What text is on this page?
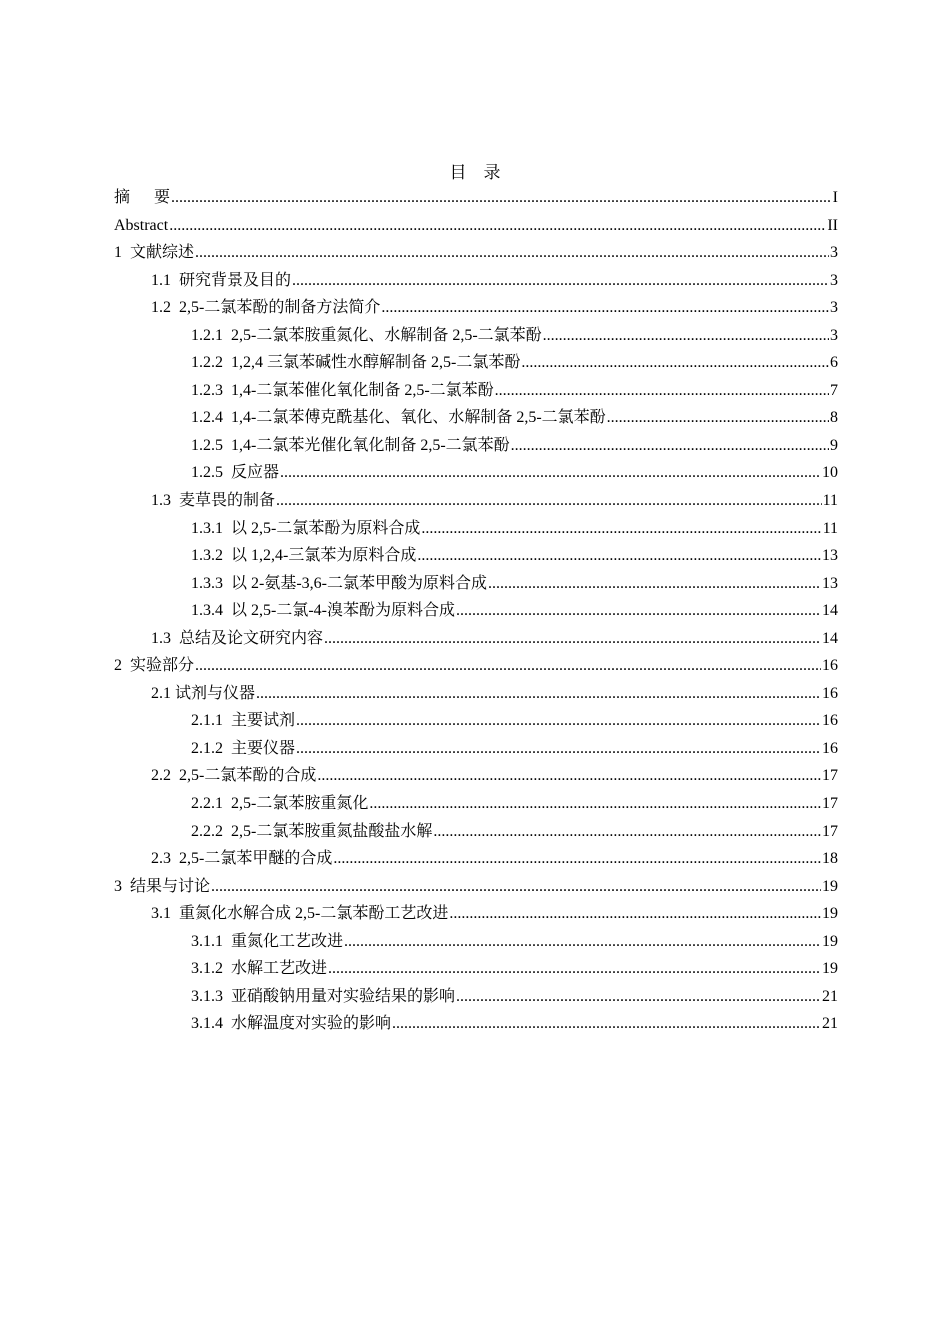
目　录
摘 要 .....	I
Abstract .....	II
1 文献综述 .....	3
1.1 研究背景及目的 .....	3
1.2 2,5-二氯苯酚的制备方法简介 .....	3
1.2.1 2,5-二氯苯胺重氮化、水解制备 2,5-二氯苯酚 .....	3
1.2.2 1,2,4 三氯苯碱性水醇解制备 2,5-二氯苯酚 .....	6
1.2.3 1,4-二氯苯催化氧化制备 2,5-二氯苯酚 .....	7
1.2.4 1,4-二氯苯傅克酰基化、氧化、水解制备 2,5-二氯苯酚 .....	8
1.2.5 1,4-二氯苯光催化氧化制备 2,5-二氯苯酚 .....	9
1.2.5 反应器 .....	10
1.3 麦草畏的制备 .....	11
1.3.1 以 2,5-二氯苯酚为原料合成 .....	11
1.3.2 以 1,2,4-三氯苯为原料合成 .....	13
1.3.3 以 2-氨基-3,6-二氯苯甲酸为原料合成 .....	13
1.3.4 以 2,5-二氯-4-溴苯酚为原料合成 .....	14
1.3 总结及论文研究内容 .....	14
2 实验部分 .....	16
2.1 试剂与仪器 .....	16
2.1.1 主要试剂 .....	16
2.1.2 主要仪器 .....	16
2.2 2,5-二氯苯酚的合成 .....	17
2.2.1 2,5-二氯苯胺重氮化 .....	17
2.2.2 2,5-二氯苯胺重氮盐酸盐水解 .....	17
2.3 2,5-二氯苯甲醚的合成 .....	18
3 结果与讨论 .....	19
3.1 重氮化水解合成 2,5-二氯苯酚工艺改进 .....	19
3.1.1 重氮化工艺改进 .....	19
3.1.2 水解工艺改进 .....	19
3.1.3 亚硝酸钠用量对实验结果的影响 .....	21
3.1.4 水解温度对实验的影响 .....	21
